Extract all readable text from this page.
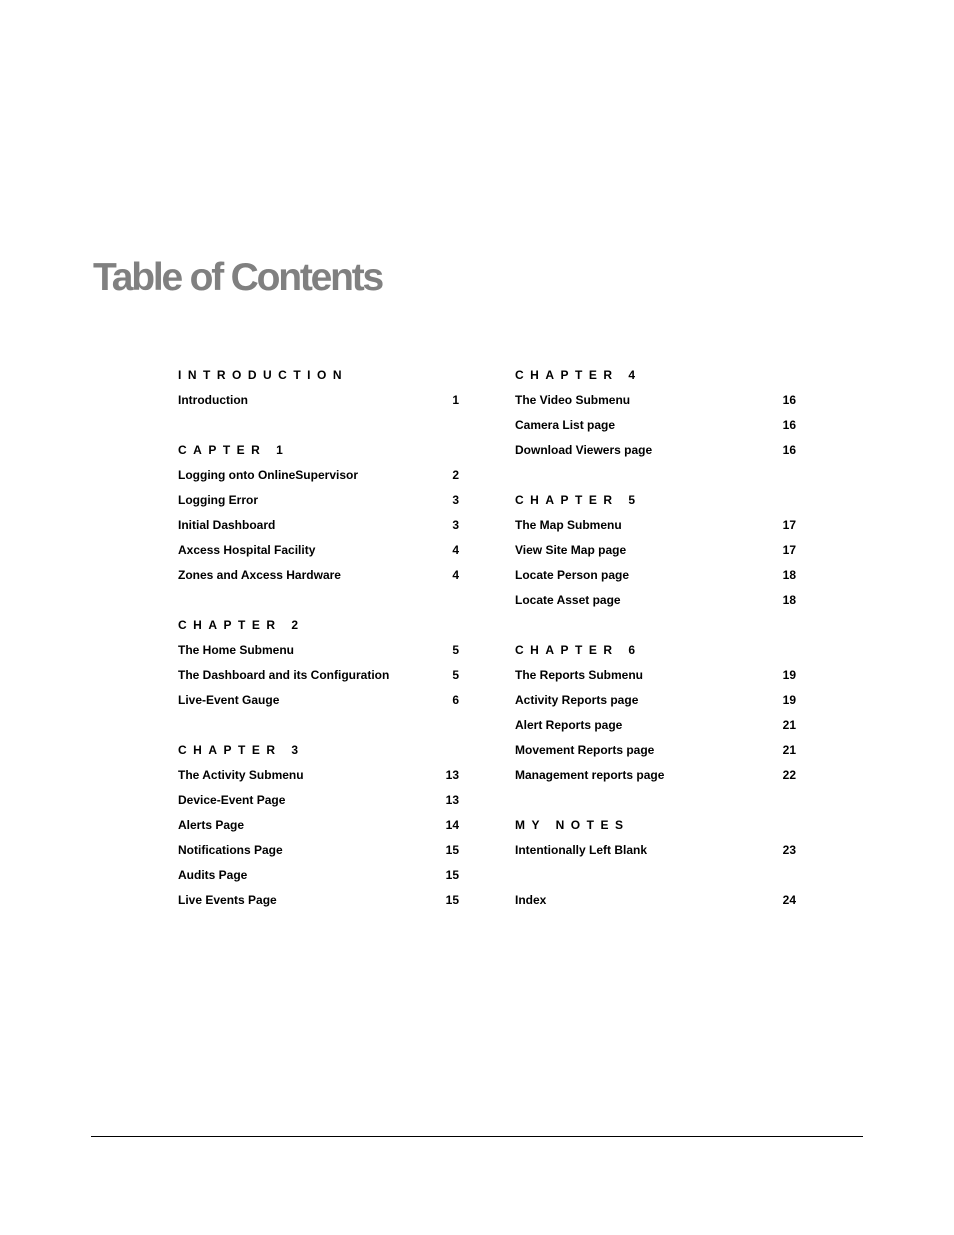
Table of Contents
INTRODUCTION
Introduction	1
CAPTER 1
Logging onto OnlineSupervisor	2
Logging Error	3
Initial Dashboard	3
Axcess Hospital Facility	4
Zones and Axcess Hardware	4
CHAPTER 2
The Home Submenu	5
The Dashboard and its Configuration	5
Live-Event Gauge	6
CHAPTER 3
The Activity Submenu	13
Device-Event Page	13
Alerts Page	14
Notifications Page	15
Audits Page	15
Live Events Page	15
CHAPTER 4
The Video Submenu	16
Camera List page	16
Download Viewers page	16
CHAPTER 5
The Map Submenu	17
View Site Map page	17
Locate Person page	18
Locate Asset page	18
CHAPTER 6
The Reports Submenu	19
Activity Reports page	19
Alert Reports page	21
Movement Reports page	21
Management reports page	22
MY NOTES
Intentionally Left Blank	23
Index	24
